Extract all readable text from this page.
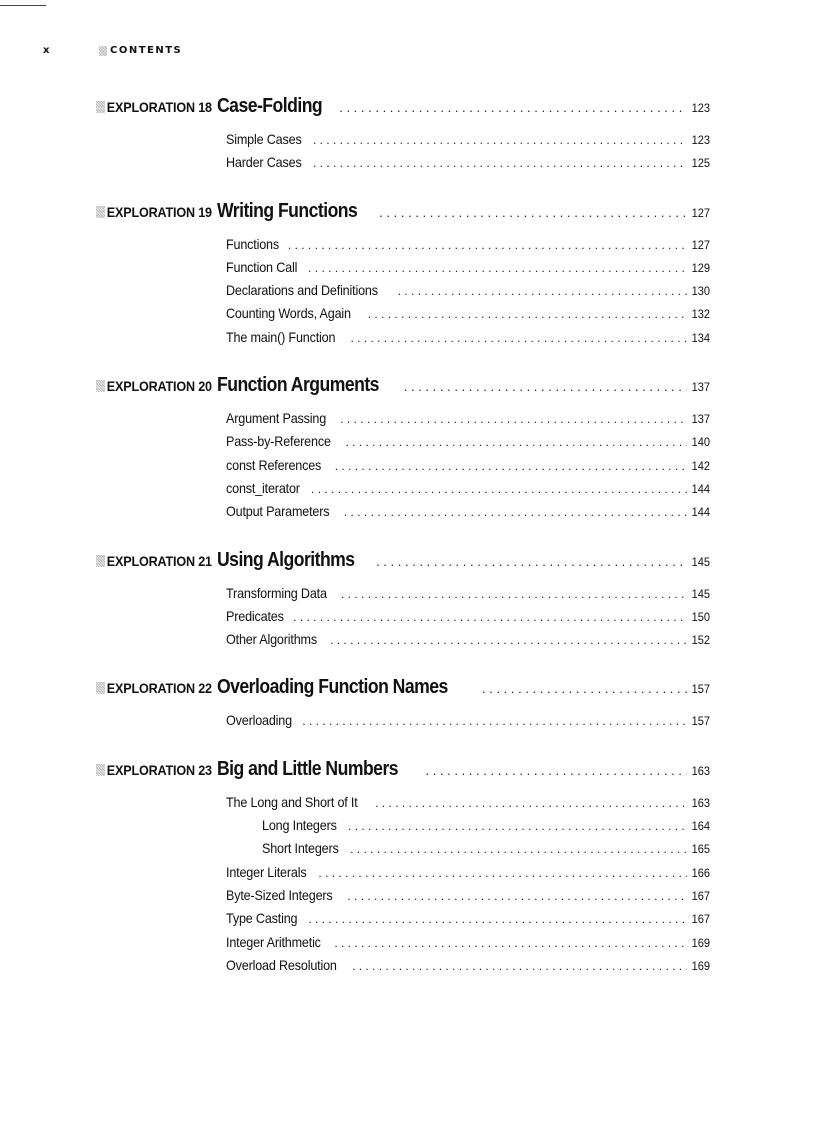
x	CONTENTS
EXPLORATION 18 Case-Folding . . .	123
Simple Cases . . .	123
Harder Cases . . .	125
EXPLORATION 19 Writing Functions . . .	127
Functions . . .	127
Function Call . . .	129
Declarations and Definitions . . .	130
Counting Words, Again . . .	132
The main() Function . . .	134
EXPLORATION 20 Function Arguments . . .	137
Argument Passing . . .	137
Pass-by-Reference . . .	140
const References . . .	142
const_iterator . . .	144
Output Parameters . . .	144
EXPLORATION 21 Using Algorithms . . .	145
Transforming Data . . .	145
Predicates . . .	150
Other Algorithms . . .	152
EXPLORATION 22 Overloading Function Names . . .	157
Overloading . . .	157
EXPLORATION 23 Big and Little Numbers . . .	163
The Long and Short of It . . .	163
Long Integers . . .	164
Short Integers . . .	165
Integer Literals . . .	166
Byte-Sized Integers . . .	167
Type Casting . . .	167
Integer Arithmetic . . .	169
Overload Resolution . . .	169
